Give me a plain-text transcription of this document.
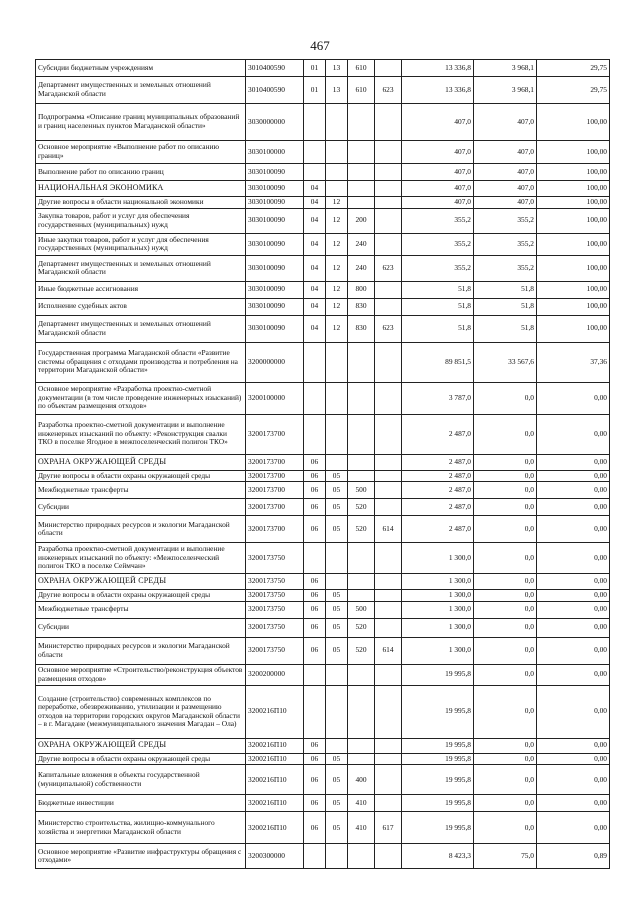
467
Субсидии бюджетным учреждениям	3010400590	01	13	610		13 336,8	3 968,1	29,75
Департамент имущественных и земельных отношений Магаданской области	3010400590	01	13	610	623	13 336,8	3 968,1	29,75
Подпрограмма «Описание границ муниципальных образований и границ населенных пунктов Магаданской области»	3030000000					407,0	407,0	100,00
Основное мероприятие «Выполнение работ по описанию границ»	3030100000					407,0	407,0	100,00
Выполнение работ по описанию границ	3030100090					407,0	407,0	100,00
НАЦИОНАЛЬНАЯ ЭКОНОМИКА	3030100090	04				407,0	407,0	100,00
Другие вопросы в области национальной экономики	3030100090	04	12			407,0	407,0	100,00
Закупка товаров, работ и услуг для обеспечения государственных (муниципальных) нужд	3030100090	04	12	200		355,2	355,2	100,00
Иные закупки товаров, работ и услуг для обеспечения государственных (муниципальных) нужд	3030100090	04	12	240		355,2	355,2	100,00
Департамент имущественных и земельных отношений Магаданской области	3030100090	04	12	240	623	355,2	355,2	100,00
Иные бюджетные ассигнования	3030100090	04	12	800		51,8	51,8	100,00
Исполнение судебных актов	3030100090	04	12	830		51,8	51,8	100,00
Департамент имущественных и земельных отношений Магаданской области	3030100090	04	12	830	623	51,8	51,8	100,00
Государственная программа Магаданской области «Развитие системы обращения с отходами производства и потребления на территории Магаданской области»	3200000000					89 851,5	33 567,6	37,36
Основное мероприятие «Разработка проектно-сметной документации (в том числе проведение инженерных изысканий) по объектам размещения отходов»	3200100000					3 787,0	0,0	0,00
Разработка проектно-сметной документации и выполнение инженерных изысканий по объекту: «Реконструкция свалки ТКО в поселке Ягодное в межпоселенческий полигон ТКО»	3200173700					2 487,0	0,0	0,00
ОХРАНА ОКРУЖАЮЩЕЙ СРЕДЫ	3200173700	06				2 487,0	0,0	0,00
Другие вопросы в области охраны окружающей среды	3200173700	06	05			2 487,0	0,0	0,00
Межбюджетные трансферты	3200173700	06	05	500		2 487,0	0,0	0,00
Субсидии	3200173700	06	05	520		2 487,0	0,0	0,00
Министерство природных ресурсов и экологии Магаданской области	3200173700	06	05	520	614	2 487,0	0,0	0,00
Разработка проектно-сметной документации и выполнение инженерных изысканий по объекту: «Межпоселенческий полигон ТКО в поселке Сеймчан»	3200173750					1 300,0	0,0	0,00
ОХРАНА ОКРУЖАЮЩЕЙ СРЕДЫ	3200173750	06				1 300,0	0,0	0,00
Другие вопросы в области охраны окружающей среды	3200173750	06	05			1 300,0	0,0	0,00
Межбюджетные трансферты	3200173750	06	05	500		1 300,0	0,0	0,00
Субсидии	3200173750	06	05	520		1 300,0	0,0	0,00
Министерство природных ресурсов и экологии Магаданской области	3200173750	06	05	520	614	1 300,0	0,0	0,00
Основное мероприятие «Строительство/реконструкция объектов размещения отходов»	3200200000					19 995,8	0,0	0,00
Создание (строительство) современных комплексов по переработке, обезвреживанию, утилизации и размещению отходов на территории городских округов Магаданской области – в г. Магадане (межмуниципального значения Магадан – Ола)	3200216П10					19 995,8	0,0	0,00
ОХРАНА ОКРУЖАЮЩЕЙ СРЕДЫ	3200216П10	06				19 995,8	0,0	0,00
Другие вопросы в области охраны окружающей среды	3200216П10	06	05			19 995,8	0,0	0,00
Капитальные вложения в объекты государственной (муниципальной) собственности	3200216П10	06	05	400		19 995,8	0,0	0,00
Бюджетные инвестиции	3200216П10	06	05	410		19 995,8	0,0	0,00
Министерство строительства, жилищно-коммунального хозяйства и энергетики Магаданской области	3200216П10	06	05	410	617	19 995,8	0,0	0,00
Основное мероприятие «Развитие инфраструктуры обращения с отходами»	3200300000					8 423,3	75,0	0,89
